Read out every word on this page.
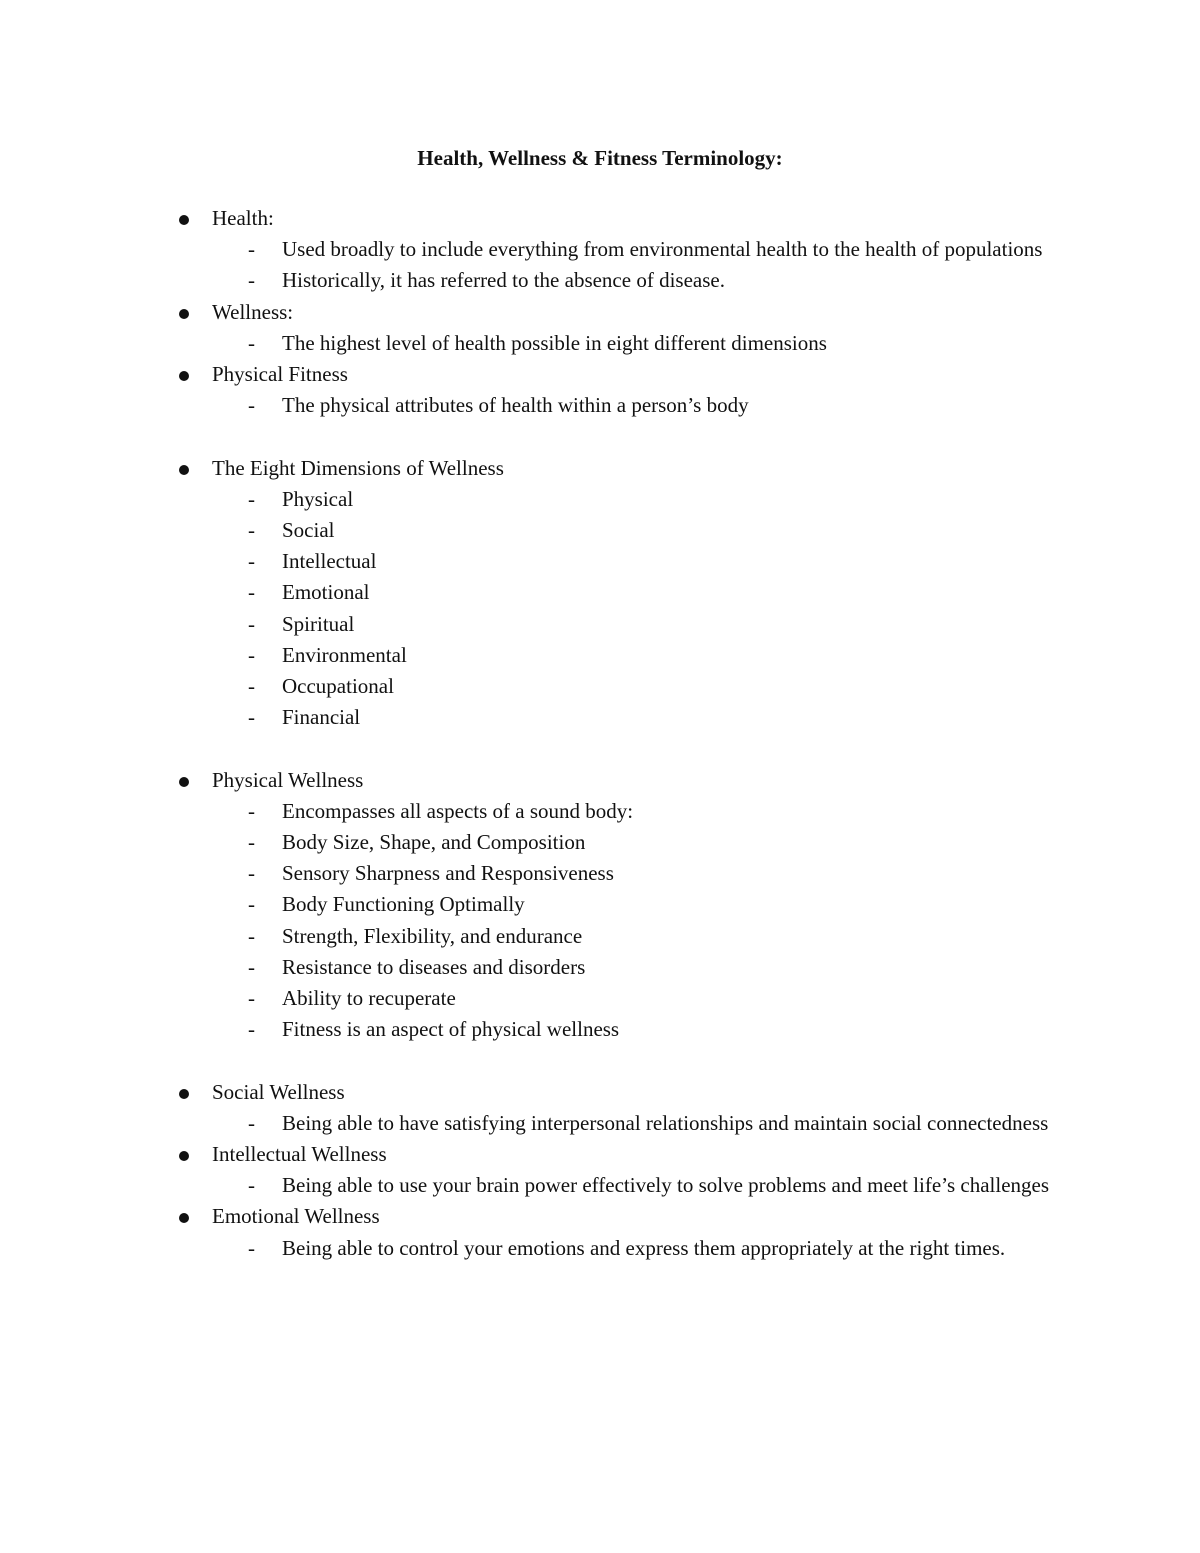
Health, Wellness & Fitness Terminology:
Health:
- Used broadly to include everything from environmental health to the health of populations
- Historically, it has referred to the absence of disease.
Wellness:
- The highest level of health possible in eight different dimensions
Physical Fitness
- The physical attributes of health within a person’s body
The Eight Dimensions of Wellness
- Physical
- Social
- Intellectual
- Emotional
- Spiritual
- Environmental
- Occupational
- Financial
Physical Wellness
- Encompasses all aspects of a sound body:
- Body Size, Shape, and Composition
- Sensory Sharpness and Responsiveness
- Body Functioning Optimally
- Strength, Flexibility, and endurance
- Resistance to diseases and disorders
- Ability to recuperate
- Fitness is an aspect of physical wellness
Social Wellness
- Being able to have satisfying interpersonal relationships and maintain social connectedness
Intellectual Wellness
- Being able to use your brain power effectively to solve problems and meet life’s challenges
Emotional Wellness
- Being able to control your emotions and express them appropriately at the right times.
